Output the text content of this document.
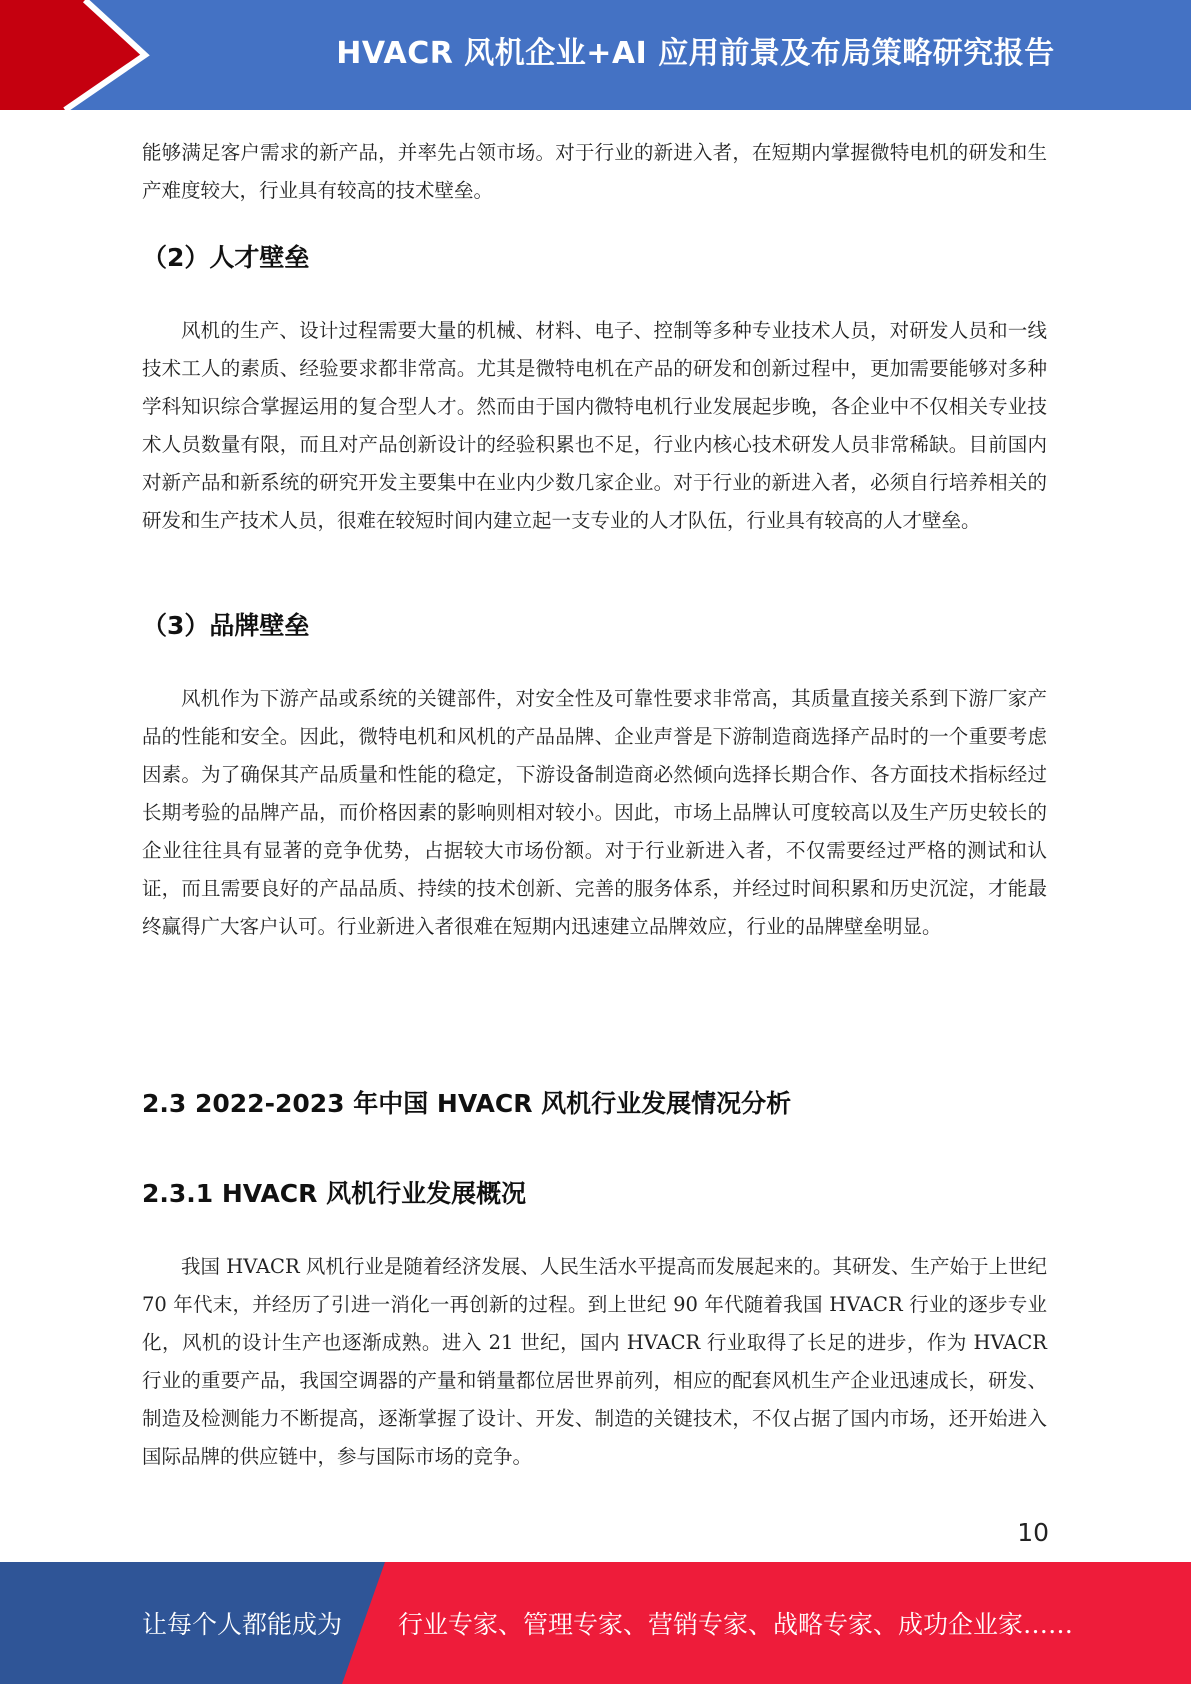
HVACR 风机企业+AI 应用前景及布局策略研究报告

能够满足客户需求的新产品，并率先占领市场。对于行业的新进入者，在短期内掌握微特电机的研发和生产难度较大，行业具有较高的技术壁垒。

（2）人才壁垒

风机的生产、设计过程需要大量的机械、材料、电子、控制等多种专业技术人员，对研发人员和一线技术工人的素质、经验要求都非常高。尤其是微特电机在产品的研发和创新过程中，更加需要能够对多种学科知识综合掌握运用的复合型人才。然而由于国内微特电机行业发展起步晚，各企业中不仅相关专业技术人员数量有限，而且对产品创新设计的经验积累也不足，行业内核心技术研发人员非常稀缺。目前国内对新产品和新系统的研究开发主要集中在业内少数几家企业。对于行业的新进入者，必须自行培养相关的研发和生产技术人员，很难在较短时间内建立起一支专业的人才队伍，行业具有较高的人才壁垒。

（3）品牌壁垒

风机作为下游产品或系统的关键部件，对安全性及可靠性要求非常高，其质量直接关系到下游厂家产品的性能和安全。因此，微特电机和风机的产品品牌、企业声誉是下游制造商选择产品时的一个重要考虑因素。为了确保其产品质量和性能的稳定，下游设备制造商必然倾向选择长期合作、各方面技术指标经过长期考验的品牌产品，而价格因素的影响则相对较小。因此，市场上品牌认可度较高以及生产历史较长的企业往往具有显著的竞争优势，占据较大市场份额。对于行业新进入者，不仅需要经过严格的测试和认证，而且需要良好的产品品质、持续的技术创新、完善的服务体系，并经过时间积累和历史沉淀，才能最终赢得广大客户认可。行业新进入者很难在短期内迅速建立品牌效应，行业的品牌壁垒明显。

2.3 2022-2023 年中国 HVACR 风机行业发展情况分析
2.3.1 HVACR 风机行业发展概况

我国 HVACR 风机行业是随着经济发展、人民生活水平提高而发展起来的。其研发、生产始于上世纪 70 年代末，并经历了引进一消化一再创新的过程。到上世纪 90 年代随着我国 HVACR 行业的逐步专业化，风机的设计生产也逐渐成熟。进入 21 世纪，国内 HVACR 行业取得了长足的进步，作为 HVACR 行业的重要产品，我国空调器的产量和销量都位居世界前列，相应的配套风机生产企业迅速成长，研发、制造及检测能力不断提高，逐渐掌握了设计、开发、制造的关键技术，不仅占据了国内市场，还开始进入国际品牌的供应链中，参与国际市场的竞争。

10
让每个人都能成为 行业专家、管理专家、营销专家、战略专家、成功企业家……
